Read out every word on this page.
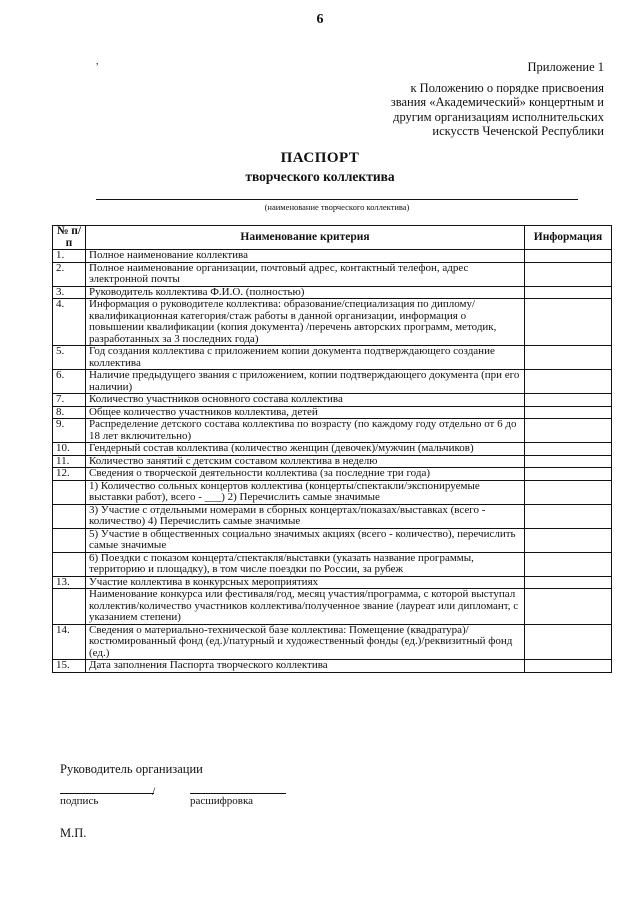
6
,	Приложение 1
к Положению о порядке присвоения
звания «Академический» концертным и
другим организациям исполнительских
искусств Чеченской Республики
ПАСПОРТ
творческого коллектива
(наименование творческого коллектива)
№ п/п	Наименование критерия	Информация
1.	Полное наименование коллектива	
2.	Полное наименование организации, почтовый адрес, контактный телефон, адрес электронной почты	
3.	Руководитель коллектива Ф.И.О. (полностью)	
4.	Информация о руководителе коллектива: образование/специализация по диплому/квалификационная категория/стаж работы в данной организации, информация о повышении квалификации (копия документа) /перечень авторских программ, методик, разработанных за 3 последних года)	
5.	Год создания коллектива с приложением копии документа подтверждающего создание коллектива	
6.	Наличие предыдущего звания с приложением, копии подтверждающего документа (при его наличии)	
7.	Количество участников основного состава коллектива	
8.	Общее количество участников коллектива, детей	
9.	Распределение детского состава коллектива по возрасту (по каждому году отдельно от 6 до 18 лет включительно)	
10.	Гендерный состав коллектива (количество женщин (девочек)/мужчин (мальчиков)	
11.	Количество занятий с детским составом коллектива в неделю	
12.	Сведения о творческой деятельности коллектива (за последние три года)	
	1) Количество сольных концертов коллектива (концерты/спектакли/экспонируемые выставки работ), всего - ___) 2) Перечислить самые значимые	
	3) Участие с отдельными номерами в сборных концертах/показах/выставках (всего - количество) 4) Перечислить самые значимые	
	5) Участие в общественных социально значимых акциях (всего - количество), перечислить самые значимые	
	6) Поездки с показом концерта/спектакля/выставки (указать название программы, территорию и площадку), в том числе поездки по России, за рубеж	
13.	Участие коллектива в конкурсных мероприятиях	
	Наименование конкурса или фестиваля/год, месяц участия/программа, с которой выступал коллектив/количество участников коллектива/полученное звание (лауреат или дипломант, с указанием степени)	
14.	Сведения о материально-технической базе коллектива: Помещение (квадратура)/костюмированный фонд (ед.)/патурный и художественный фонды (ед.)/реквизитный фонд (ед.)	
15.	Дата заполнения Паспорта творческого коллектива	
Руководитель организации
/
подпись	расшифровка
М.П.
